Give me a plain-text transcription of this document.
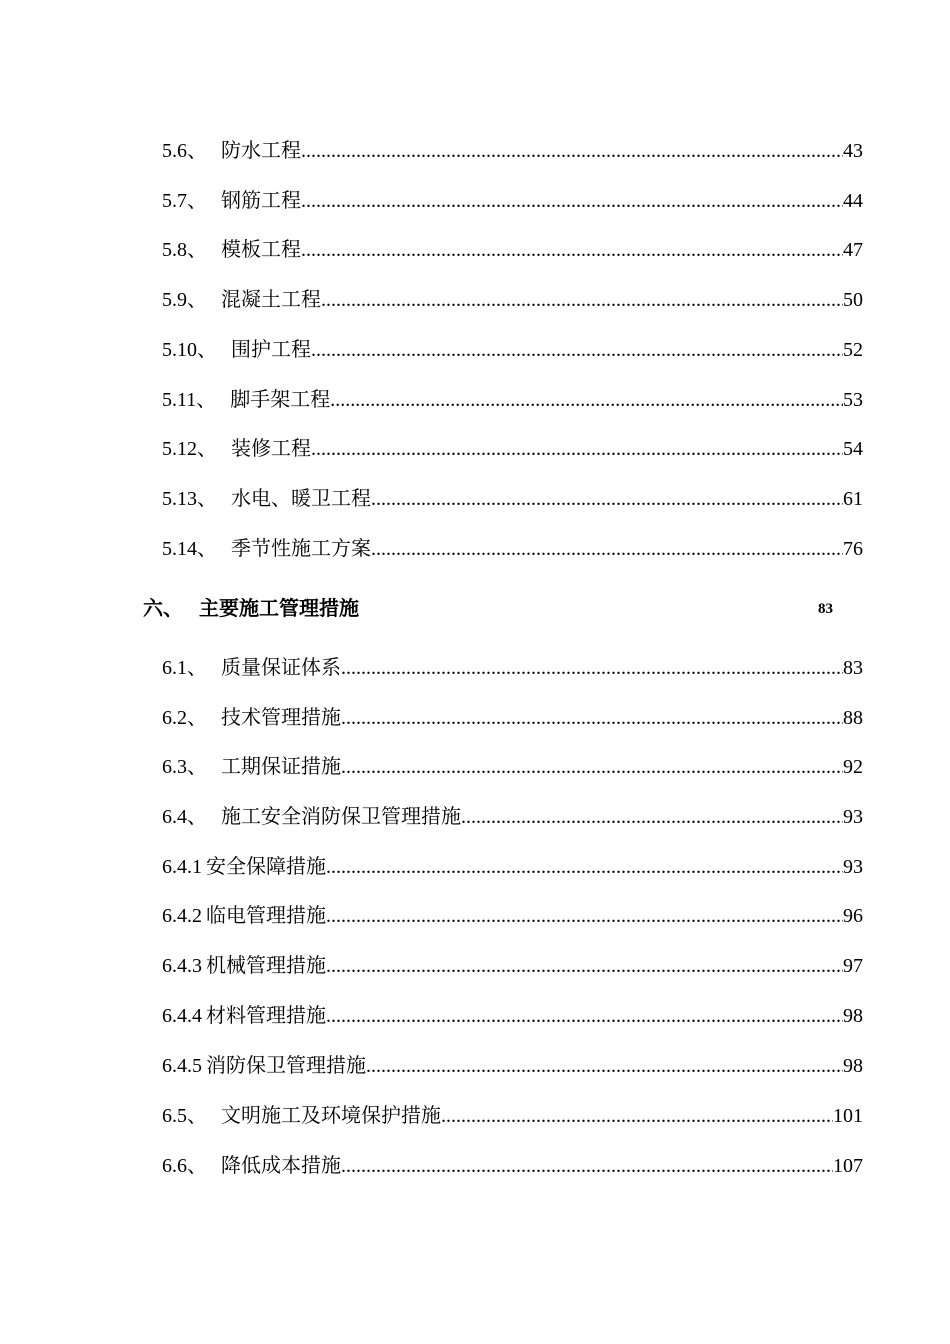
5.6 、 防水工程 .....	43
5.7 、 钢筋工程 .....	44
5.8 、 模板工程 .....	47
5.9 、 混凝土工程 .....	50
5.10 、 围护工程 .....	52
5.11 、 脚手架工程 .....	53
5.12 、 装修工程 .....	54
5.13 、 水电、暖卫工程 .....	61
5.14 、 季节性施工方案 .....	76
六 、 主要施工管理措施	83
6.1 、 质量保证体系 .....	83
6.2 、 技术管理措施 .....	88
6.3 、 工期保证措施 .....	92
6.4 、 施工安全消防保卫管理措施 .....	93
6.4.1 安全保障措施 .....	93
6.4.2 临电管理措施 .....	96
6.4.3 机械管理措施 .....	97
6.4.4 材料管理措施 .....	98
6.4.5 消防保卫管理措施 .....	98
6.5 、 文明施工及环境保护措施 .....	101
6.6 、 降低成本措施 .....	107
